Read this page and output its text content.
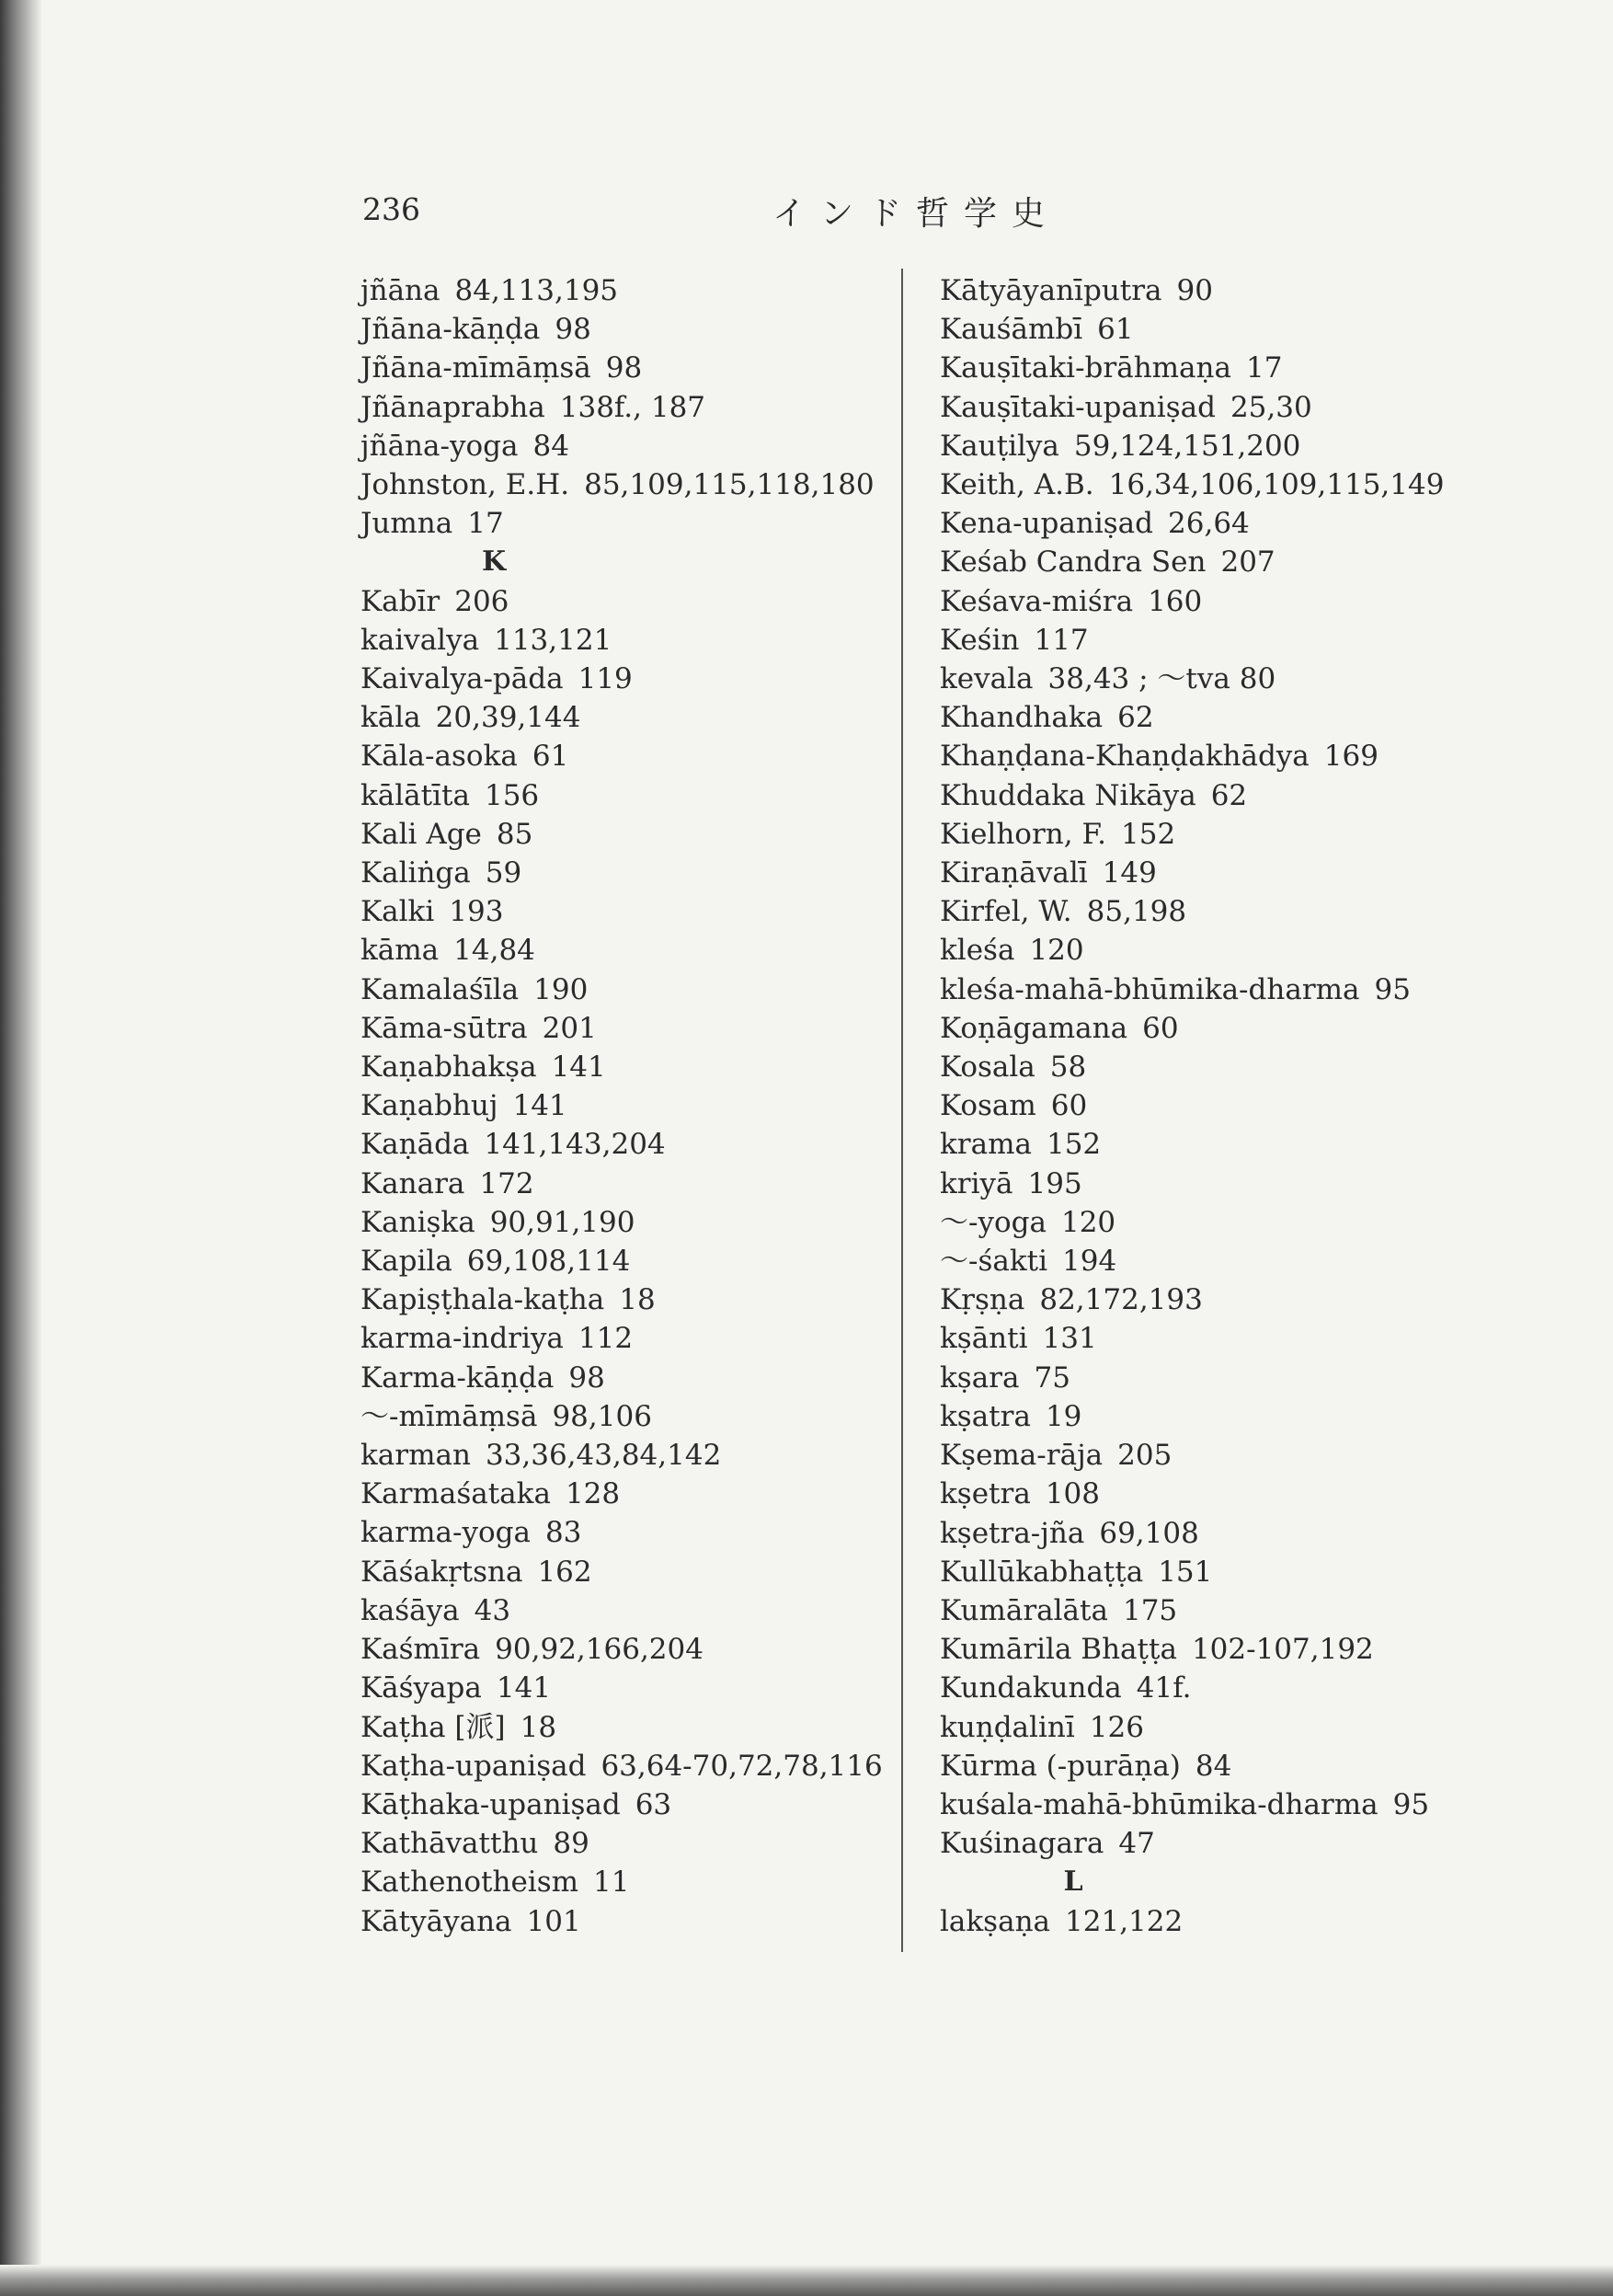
236	インド哲学史
jñāna 84,113,195
Jñāna-kāṇḍa 98
Jñāna-mīmāṃsā 98
Jñānaprabha 138f., 187
jñāna-yoga 84
Johnston, E.H. 85,109,115,118,180
Jumna 17
K
Kabīr 206
kaivalya 113,121
Kaivalya-pāda 119
kāla 20,39,144
Kāla-asoka 61
kālātīta 156
Kali Age 85
Kaliṅga 59
Kalki 193
kāma 14,84
Kamalaśīla 190
Kāma-sūtra 201
Kaṇabhakṣa 141
Kaṇabhuj 141
Kaṇāda 141,143,204
Kanara 172
Kaniṣka 90,91,190
Kapila 69,108,114
Kapiṣṭhala-kaṭha 18
karma-indriya 112
Karma-kāṇḍa 98
〜-mīmāṃsā 98,106
karman 33,36,43,84,142
Karmaśataka 128
karma-yoga 83
Kāśakṛtsna 162
kaśāya 43
Kaśmīra 90,92,166,204
Kāśyapa 141
Kaṭha [派] 18
Kaṭha-upaniṣad 63,64-70,72,78,116
Kāṭhaka-upaniṣad 63
Kathāvatthu 89
Kathenotheism 11
Kātyāyana 101
Kātyāyanīputra 90
Kauśāmbī 61
Kauṣītaki-brāhmaṇa 17
Kauṣītaki-upaniṣad 25,30
Kauṭilya 59,124,151,200
Keith, A.B. 16,34,106,109,115,149
Kena-upaniṣad 26,64
Keśab Candra Sen 207
Keśava-miśra 160
Keśin 117
kevala 38,43 ; 〜tva 80
Khandhaka 62
Khaṇḍana-Khaṇḍakhādya 169
Khuddaka Nikāya 62
Kielhorn, F. 152
Kiraṇāvalī 149
Kirfel, W. 85,198
kleśa 120
kleśa-mahā-bhūmika-dharma 95
Koṇāgamana 60
Kosala 58
Kosam 60
krama 152
kriyā 195
〜-yoga 120
〜-śakti 194
Kṛṣṇa 82,172,193
kṣānti 131
kṣara 75
kṣatra 19
Kṣema-rāja 205
kṣetra 108
kṣetra-jña 69,108
Kullūkabhaṭṭa 151
Kumāralāta 175
Kumārila Bhaṭṭa 102-107,192
Kundakunda 41f.
kuṇḍalinī 126
Kūrma (-purāṇa) 84
kuśala-mahā-bhūmika-dharma 95
Kuśinagara 47
L
lakṣaṇa 121,122
